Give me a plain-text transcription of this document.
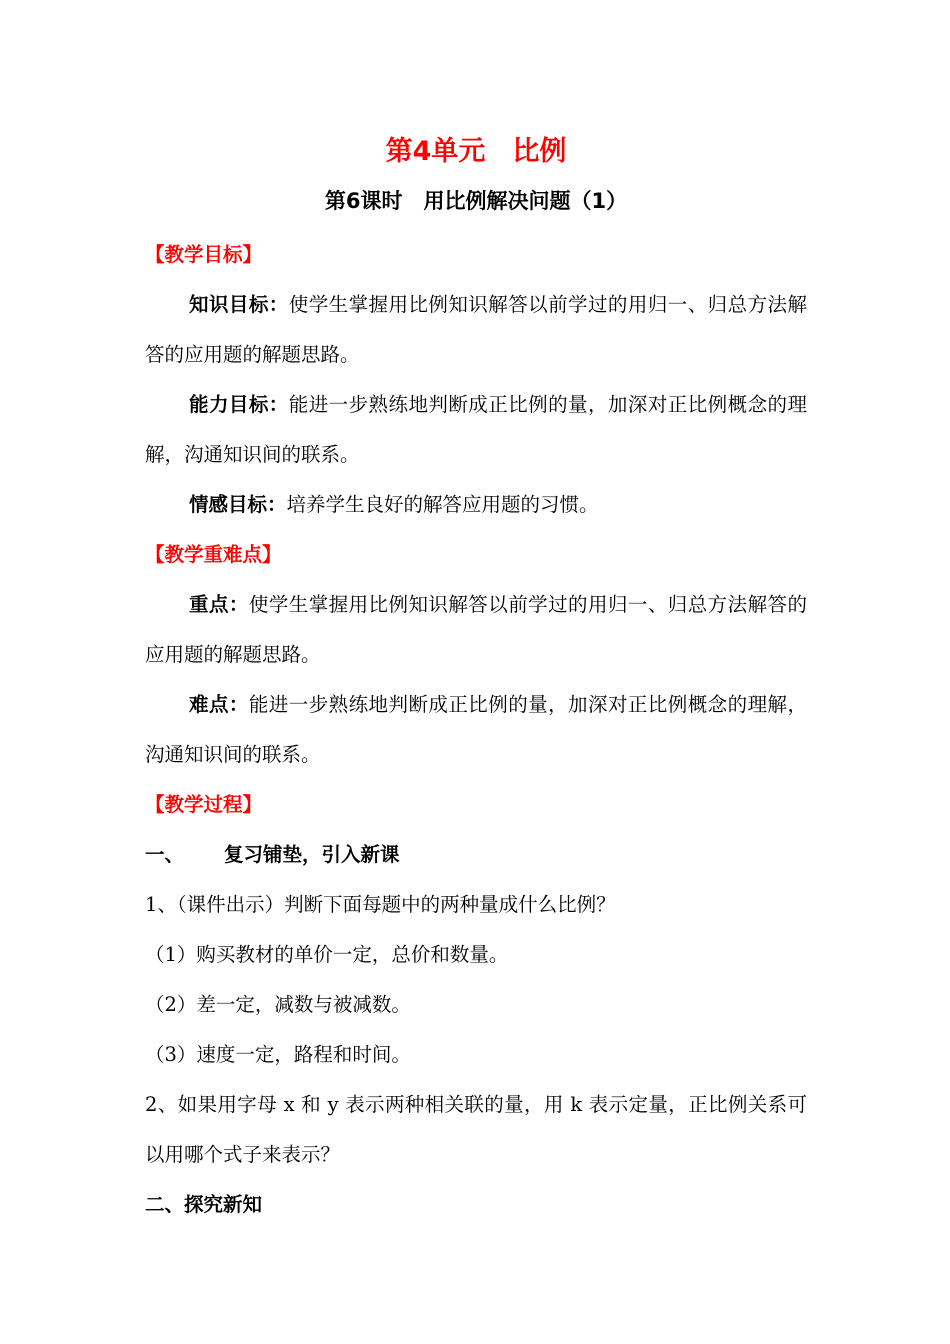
第4单元　比例
第6课时　用比例解决问题（1）

【教学目标】

知识目标：使学生掌握用比例知识解答以前学过的用归一、归总方法解答的应用题的解题思路。

能力目标：能进一步熟练地判断成正比例的量，加深对正比例概念的理解，沟通知识间的联系。

情感目标：培养学生良好的解答应用题的习惯。

【教学重难点】

重点：使学生掌握用比例知识解答以前学过的用归一、归总方法解答的应用题的解题思路。

难点：能进一步熟练地判断成正比例的量，加深对正比例概念的理解，沟通知识间的联系。

【教学过程】

一、 复习铺垫，引入新课

1、（课件出示）判断下面每题中的两种量成什么比例？

（1）购买教材的单价一定，总价和数量。

（2）差一定，减数与被减数。

（3）速度一定，路程和时间。

2、如果用字母 x 和 y 表示两种相关联的量，用 k 表示定量，正比例关系可以用哪个式子来表示？

二、探究新知
